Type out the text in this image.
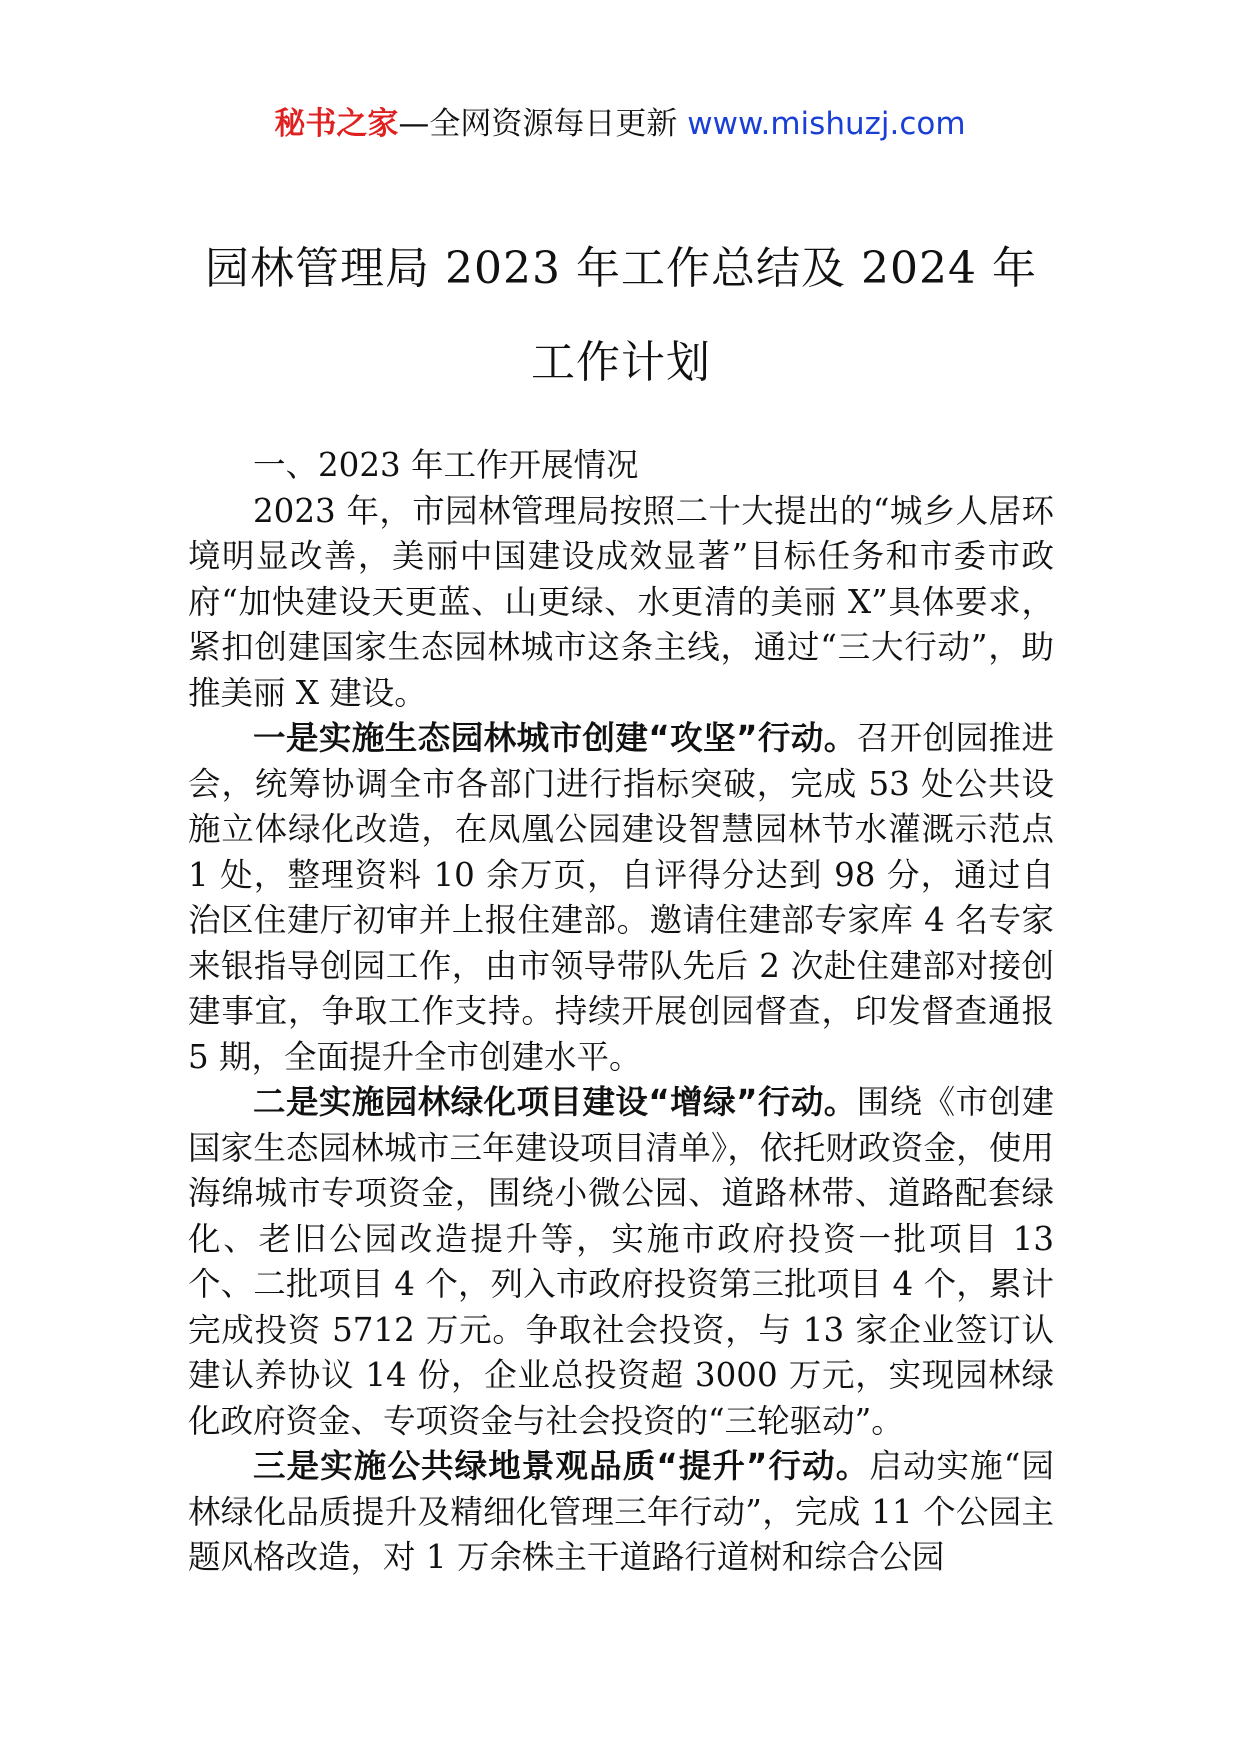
秘书之家—全网资源每日更新 www.mishuzj.com
园林管理局 2023 年工作总结及 2024 年工作计划

一、2023 年工作开展情况

2023 年，市园林管理局按照二十大提出的“城乡人居环境明显改善，美丽中国建设成效显著”目标任务和市委市政府“加快建设天更蓝、山更绿、水更清的美丽 X”具体要求，紧扣创建国家生态园林城市这条主线，通过“三大行动”，助推美丽 X 建设。

一是实施生态园林城市创建“攻坚”行动。召开创园推进会，统筹协调全市各部门进行指标突破，完成 53 处公共设施立体绿化改造，在凤凰公园建设智慧园林节水灌溉示范点 1 处，整理资料 10 余万页，自评得分达到 98 分，通过自治区住建厅初审并上报住建部。邀请住建部专家库 4 名专家来银指导创园工作，由市领导带队先后 2 次赴住建部对接创建事宜，争取工作支持。持续开展创园督查，印发督查通报 5 期，全面提升全市创建水平。

二是实施园林绿化项目建设“增绿”行动。围绕《市创建国家生态园林城市三年建设项目清单》，依托财政资金，使用海绵城市专项资金，围绕小微公园、道路林带、道路配套绿化、老旧公园改造提升等，实施市政府投资一批项目 13 个、二批项目 4 个，列入市政府投资第三批项目 4 个，累计完成投资 5712 万元。争取社会投资，与 13 家企业签订认建认养协议 14 份，企业总投资超 3000 万元，实现园林绿化政府资金、专项资金与社会投资的“三轮驱动”。

三是实施公共绿地景观品质“提升”行动。启动实施“园林绿化品质提升及精细化管理三年行动”，完成 11 个公园主题风格改造，对 1 万余株主干道路行道树和综合公园
